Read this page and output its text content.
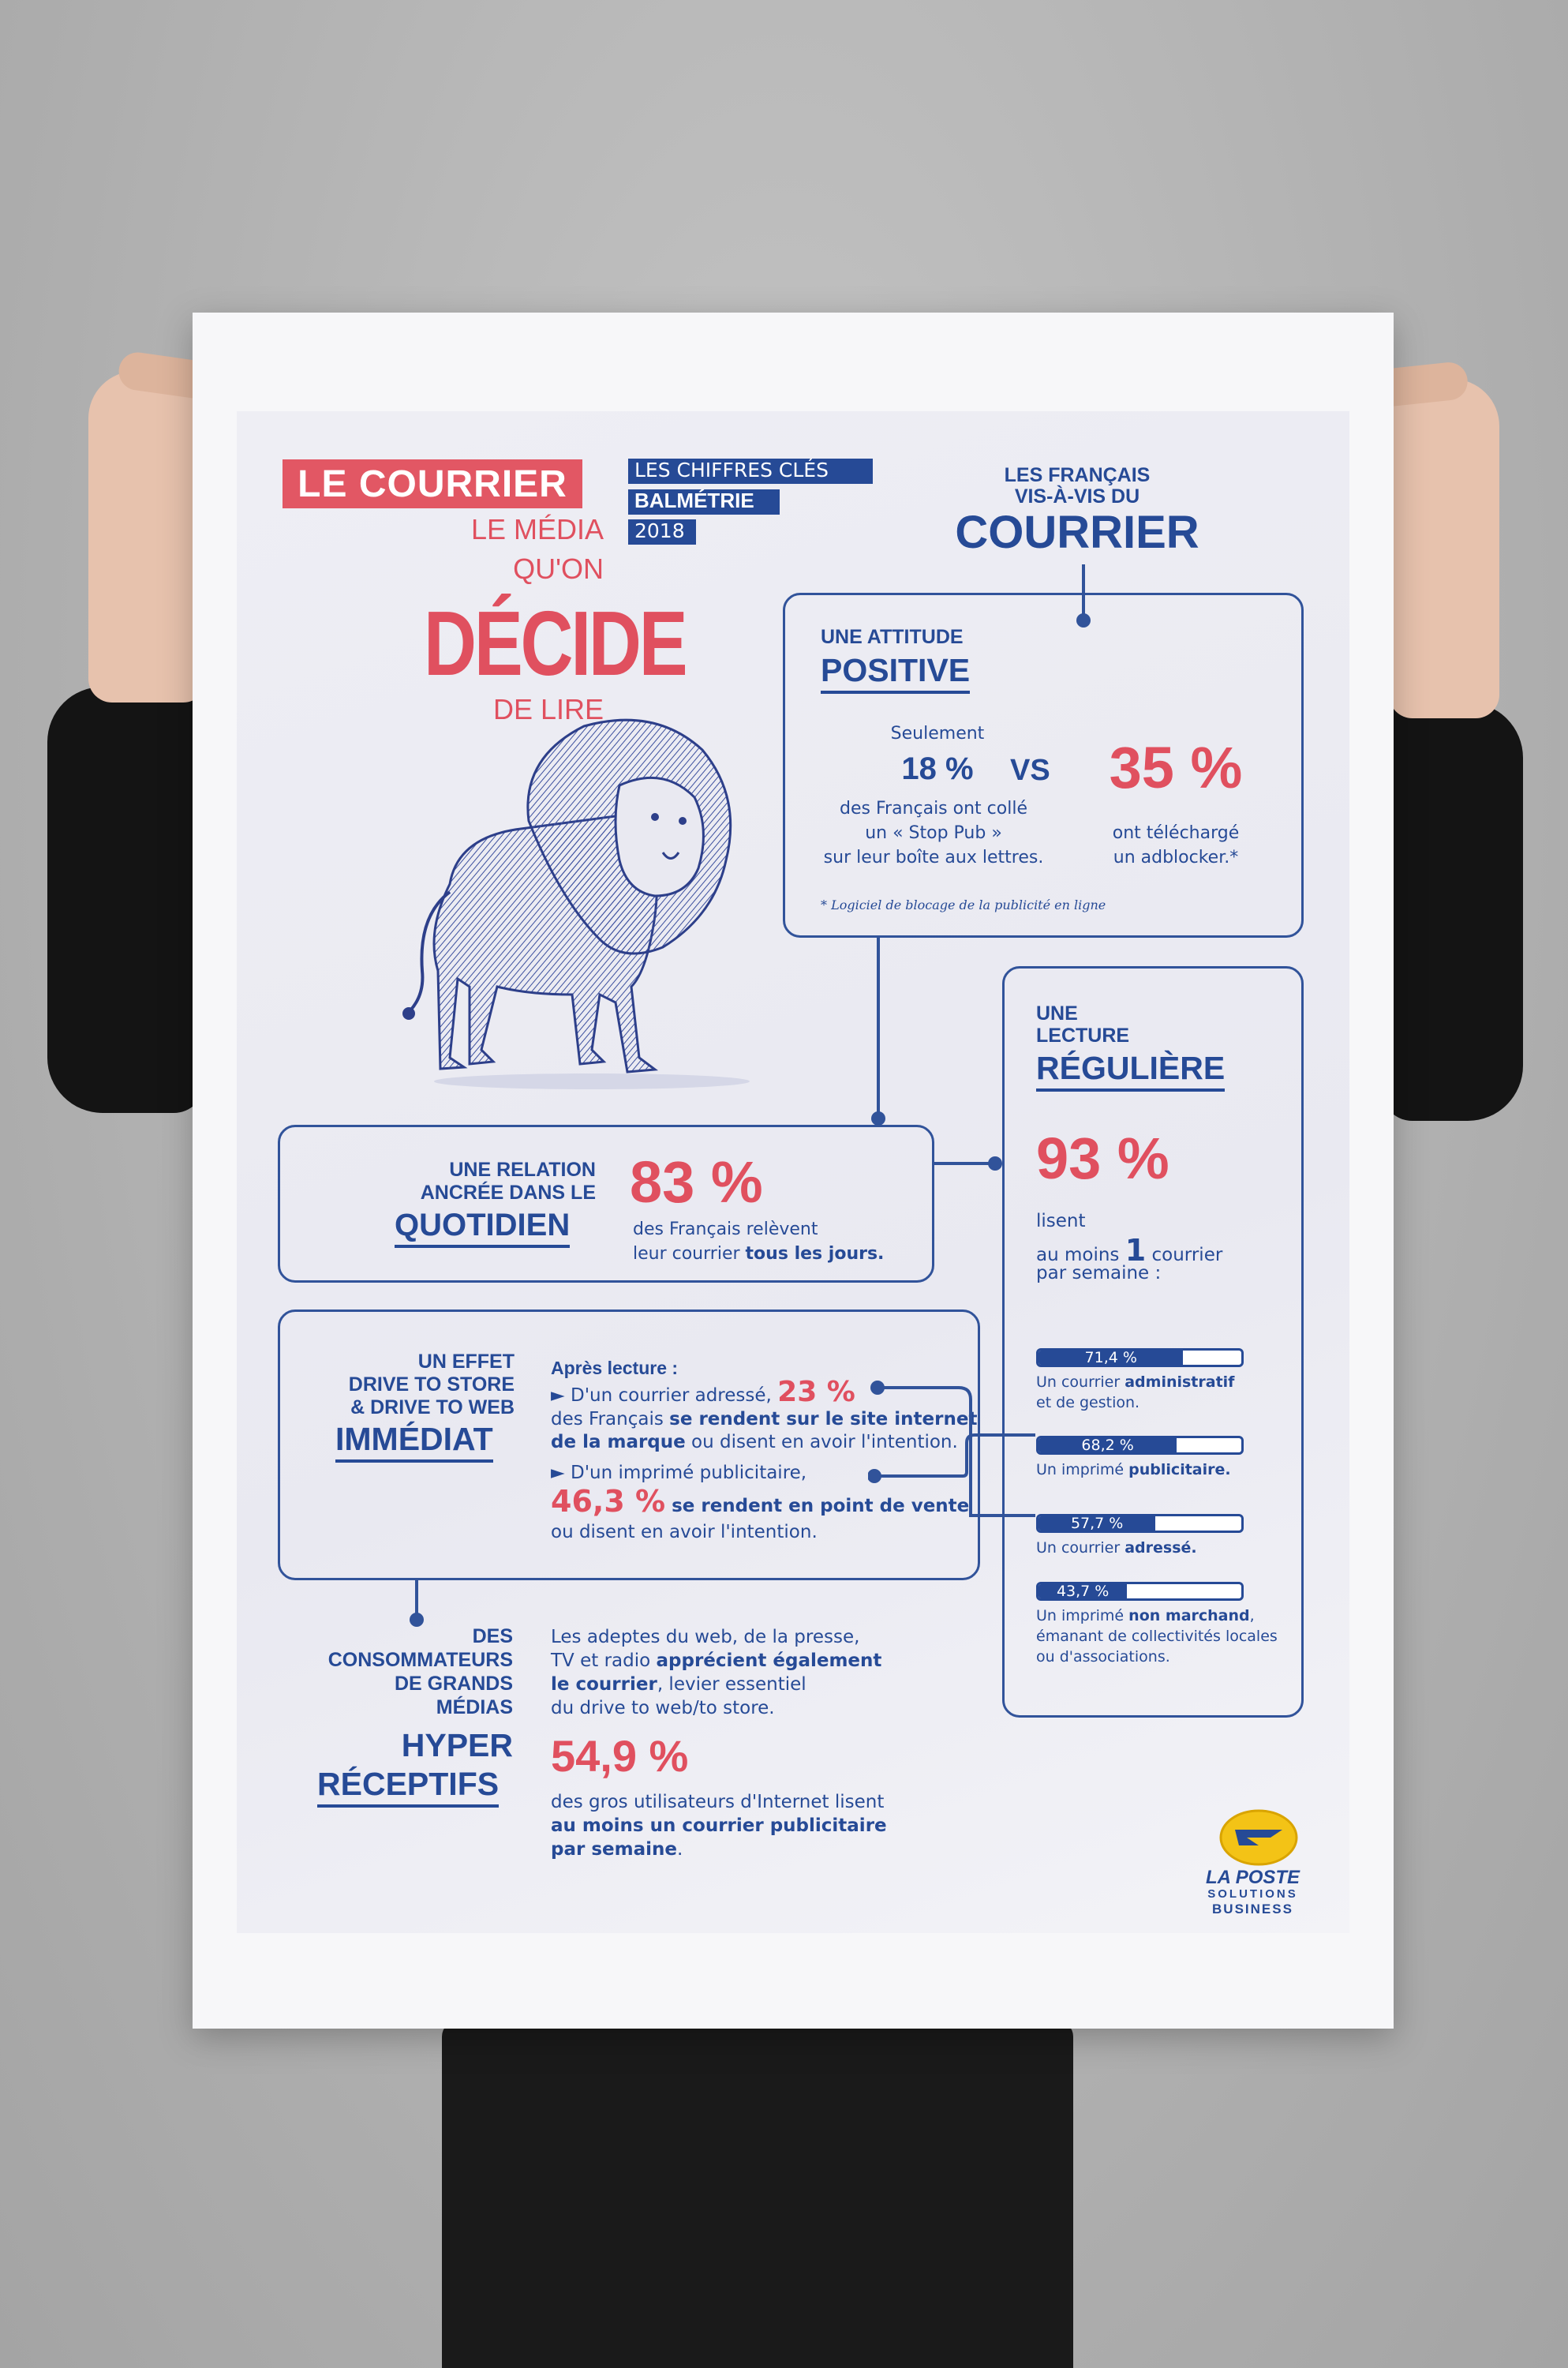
LE COURRIER

LE MÉDIA

QU'ON

DÉCIDE

DE LIRE

LES CHIFFRES CLÉS

BALMÉTRIE

2018

LES FRANÇAIS

VIS-À-VIS DU

COURRIER

UNE ATTITUDE

POSITIVE

Seulement

18 %	VS 35 %

des Français ont collé

un « Stop Pub »

sur leur boîte aux lettres.

ont téléchargé

un adblocker.*

* Logiciel de blocage de la publicité en ligne

UNE RELATION

ANCRÉE DANS LE

QUOTIDIEN

83 %

des Français relèvent

leur courrier tous les jours.

UNE

LECTURE

RÉGULIÈRE

93 %

lisent

au moins 1 courrier

par semaine :

71,4 %

Un courrier administratif
et de gestion.

68,2 %

Un imprimé publicitaire.

57,7 %

Un courrier adressé.

43,7 %

Un imprimé non marchand,
émanant de collectivités locales
ou d'associations.

UN EFFET

DRIVE TO STORE

& DRIVE TO WEB

IMMÉDIAT

Après lecture :

► D'un courrier adressé, 23 %

des Français se rendent sur le site internet

de la marque ou disent en avoir l'intention.

► D'un imprimé publicitaire,

46,3 % se rendent en point de vente

ou disent en avoir l'intention.

DES

CONSOMMATEURS

DE GRANDS

MÉDIAS

HYPER

RÉCEPTIFS

Les adeptes du web, de la presse,

TV et radio apprécient également

le courrier, levier essentiel

du drive to web/to store.

54,9 %

des gros utilisateurs d'Internet lisent

au moins un courrier publicitaire

par semaine.

LA POSTE

SOLUTIONS

BUSINESS
